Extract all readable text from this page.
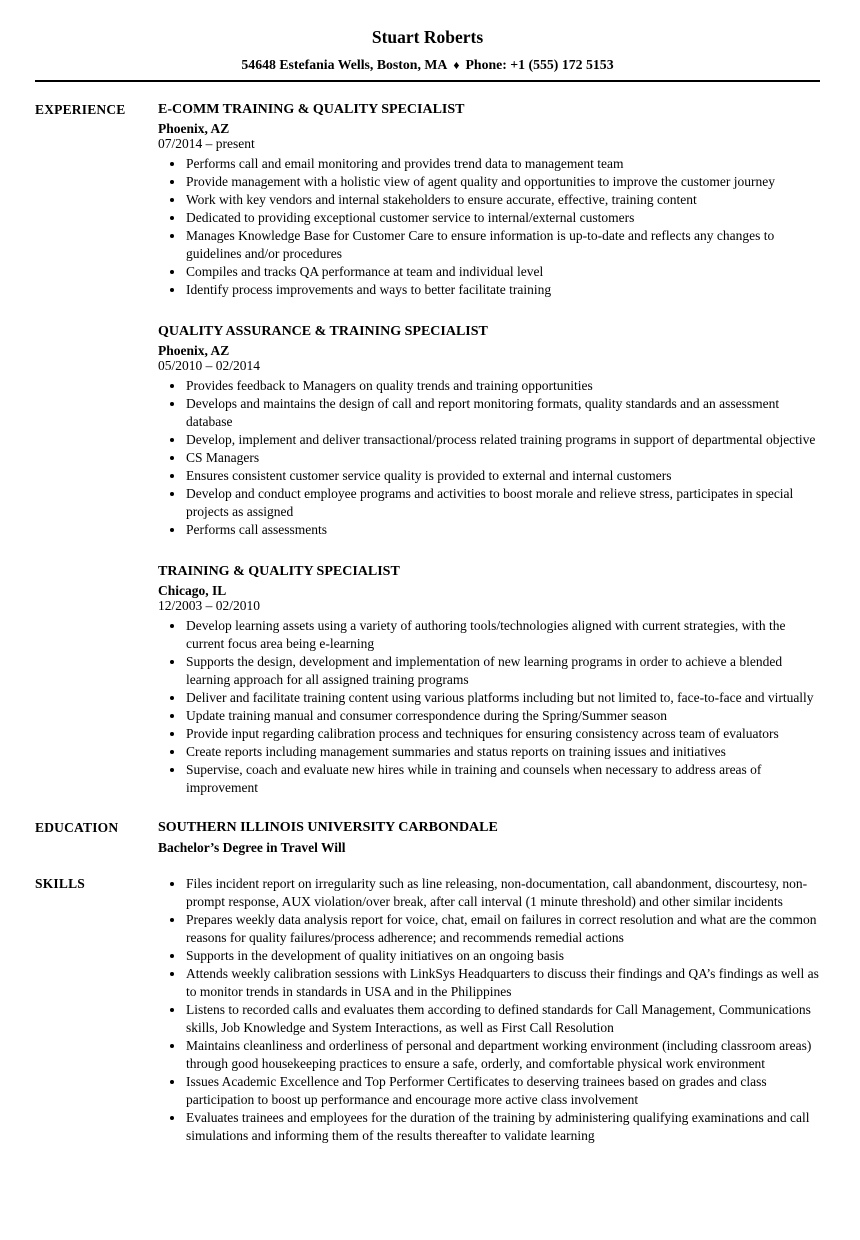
Stuart Roberts

54648 Estefania Wells, Boston, MA ♦ Phone: +1 (555) 172 5153

EXPERIENCE	E-COMM TRAINING & QUALITY SPECIALIST
Phoenix, AZ
07/2014 – present
• Performs call and email monitoring and provides trend data to management team
• Provide management with a holistic view of agent quality and opportunities to improve the customer journey
• Work with key vendors and internal stakeholders to ensure accurate, effective, training content
• Dedicated to providing exceptional customer service to internal/external customers
• Manages Knowledge Base for Customer Care to ensure information is up-to-date and reflects any changes to guidelines and/or procedures
• Compiles and tracks QA performance at team and individual level
• Identify process improvements and ways to better facilitate training
QUALITY ASSURANCE & TRAINING SPECIALIST
Phoenix, AZ
05/2010 – 02/2014
• Provides feedback to Managers on quality trends and training opportunities
• Develops and maintains the design of call and report monitoring formats, quality standards and an assessment database
• Develop, implement and deliver transactional/process related training programs in support of departmental objective
• CS Managers
• Ensures consistent customer service quality is provided to external and internal customers
• Develop and conduct employee programs and activities to boost morale and relieve stress, participates in special projects as assigned
• Performs call assessments
TRAINING & QUALITY SPECIALIST
Chicago, IL
12/2003 – 02/2010
• Develop learning assets using a variety of authoring tools/technologies aligned with current strategies, with the current focus area being e-learning
• Supports the design, development and implementation of new learning programs in order to achieve a blended learning approach for all assigned training programs
• Deliver and facilitate training content using various platforms including but not limited to, face-to-face and virtually
• Update training manual and consumer correspondence during the Spring/Summer season
• Provide input regarding calibration process and techniques for ensuring consistency across team of evaluators
• Create reports including management summaries and status reports on training issues and initiatives
• Supervise, coach and evaluate new hires while in training and counsels when necessary to address areas of improvement
EDUCATION	SOUTHERN ILLINOIS UNIVERSITY CARBONDALE
Bachelor’s Degree in Travel Will
SKILLS	• Files incident report on irregularity such as line releasing, non-documentation, call abandonment, discourtesy, non-prompt response, AUX violation/over break, after call interval (1 minute threshold) and other similar incidents
• Prepares weekly data analysis report for voice, chat, email on failures in correct resolution and what are the common reasons for quality failures/process adherence; and recommends remedial actions
• Supports in the development of quality initiatives on an ongoing basis
• Attends weekly calibration sessions with LinkSys Headquarters to discuss their findings and QA’s findings as well as to monitor trends in standards in USA and in the Philippines
• Listens to recorded calls and evaluates them according to defined standards for Call Management, Communications skills, Job Knowledge and System Interactions, as well as First Call Resolution
• Maintains cleanliness and orderliness of personal and department working environment (including classroom areas) through good housekeeping practices to ensure a safe, orderly, and comfortable physical work environment
• Issues Academic Excellence and Top Performer Certificates to deserving trainees based on grades and class participation to boost up performance and encourage more active class involvement
• Evaluates trainees and employees for the duration of the training by administering qualifying examinations and call simulations and informing them of the results thereafter to validate learning
